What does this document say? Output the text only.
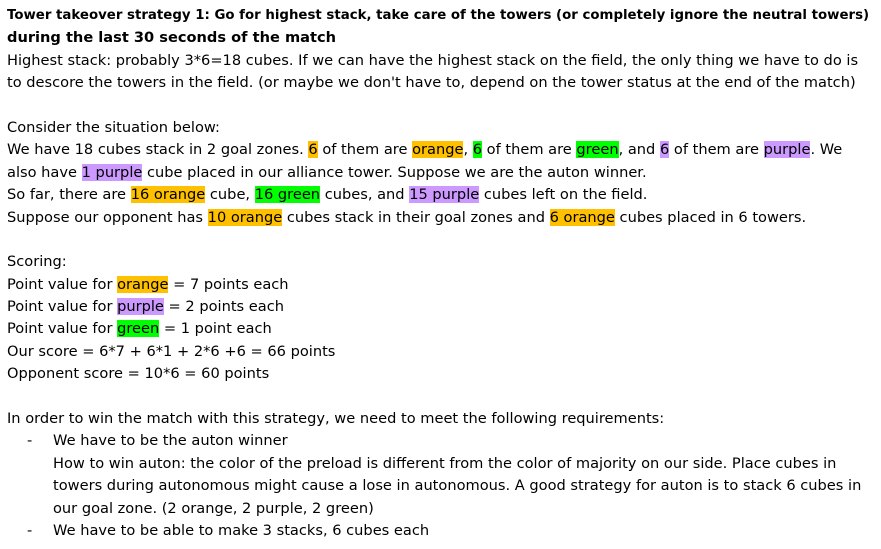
Tower takeover strategy 1: Go for highest stack, take care of the towers (or completely ignore the neutral towers)
during the last 30 seconds of the match
Highest stack: probably 3*6=18 cubes. If we can have the highest stack on the field, the only thing we have to do is
to descore the towers in the field. (or maybe we don't have to, depend on the tower status at the end of the match)
Consider the situation below:
We have 18 cubes stack in 2 goal zones. 6 of them are orange, 6 of them are green, and 6 of them are purple. We
also have 1 purple cube placed in our alliance tower. Suppose we are the auton winner.
So far, there are 16 orange cube, 16 green cubes, and 15 purple cubes left on the field.
Suppose our opponent has 10 orange cubes stack in their goal zones and 6 orange cubes placed in 6 towers.
Scoring:
Point value for orange = 7 points each
Point value for purple = 2 points each
Point value for green = 1 point each
Our score = 6*7 + 6*1 + 2*6 +6 = 66 points
Opponent score = 10*6 = 60 points
In order to win the match with this strategy, we need to meet the following requirements:
- We have to be the auton winner
How to win auton: the color of the preload is different from the color of majority on our side. Place cubes in
towers during autonomous might cause a lose in autonomous. A good strategy for auton is to stack 6 cubes in
our goal zone. (2 orange, 2 purple, 2 green)
- We have to be able to make 3 stacks, 6 cubes each
